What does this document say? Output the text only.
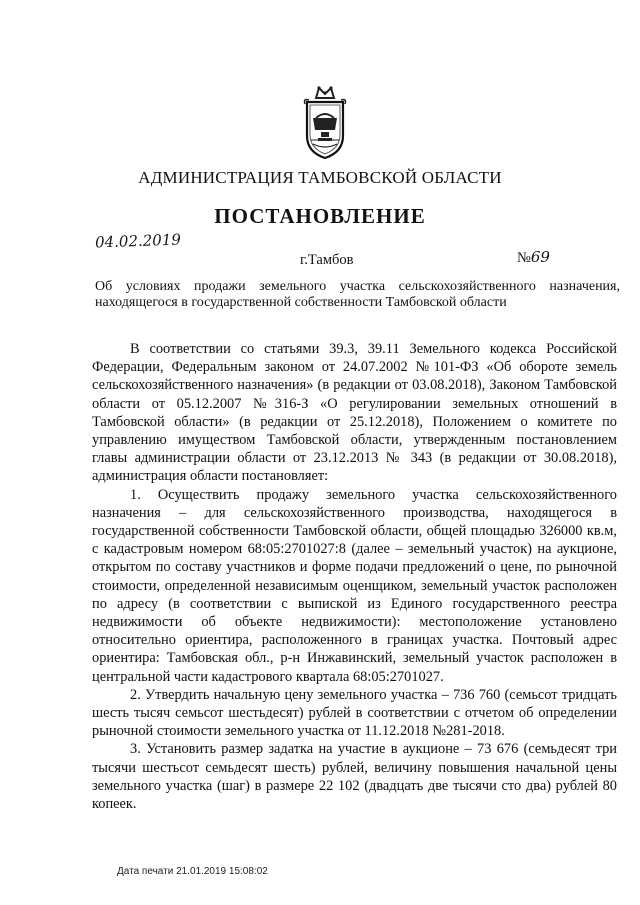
АДМИНИСТРАЦИЯ ТАМБОВСКОЙ ОБЛАСТИ
ПОСТАНОВЛЕНИЕ
04.02.2019
г.Тамбов	№69
Об условиях продажи земельного участка сельскохозяйственного назначения, находящегося в государственной собственности Тамбовской области

В соответствии со статьями 39.3, 39.11 Земельного кодекса Российской Федерации, Федеральным законом от 24.07.2002 №101-ФЗ «Об обороте земель сельскохозяйственного назначения» (в редакции от 03.08.2018), Законом Тамбовской области от 05.12.2007 №316-З «О регулировании земельных отношений в Тамбовской области» (в редакции от 25.12.2018), Положением о комитете по управлению имуществом Тамбовской области, утвержденным постановлением главы администрации области от 23.12.2013 № 343 (в редакции от 30.08.2018), администрация области постановляет:

1. Осуществить продажу земельного участка сельскохозяйственного назначения – для сельскохозяйственного производства, находящегося в государственной собственности Тамбовской области, общей площадью 326000 кв.м, с кадастровым номером 68:05:2701027:8 (далее – земельный участок) на аукционе, открытом по составу участников и форме подачи предложений о цене, по рыночной стоимости, определенной независимым оценщиком, земельный участок расположен по адресу (в соответствии с выпиской из Единого государственного реестра недвижимости об объекте недвижимости): местоположение установлено относительно ориентира, расположенного в границах участка. Почтовый адрес ориентира: Тамбовская обл., р-н Инжавинский, земельный участок расположен в центральной части кадастрового квартала 68:05:2701027.

2. Утвердить начальную цену земельного участка – 736 760 (семьсот тридцать шесть тысяч семьсот шестьдесят) рублей в соответствии с отчетом об определении рыночной стоимости земельного участка от 11.12.2018 №281-2018.

3. Установить размер задатка на участие в аукционе – 73 676 (семьдесят три тысячи шестьсот семьдесят шесть) рублей, величину повышения начальной цены земельного участка (шаг) в размере 22 102 (двадцать две тысячи сто два) рублей 80 копеек.

Дата печати 21.01.2019 15:08:02
